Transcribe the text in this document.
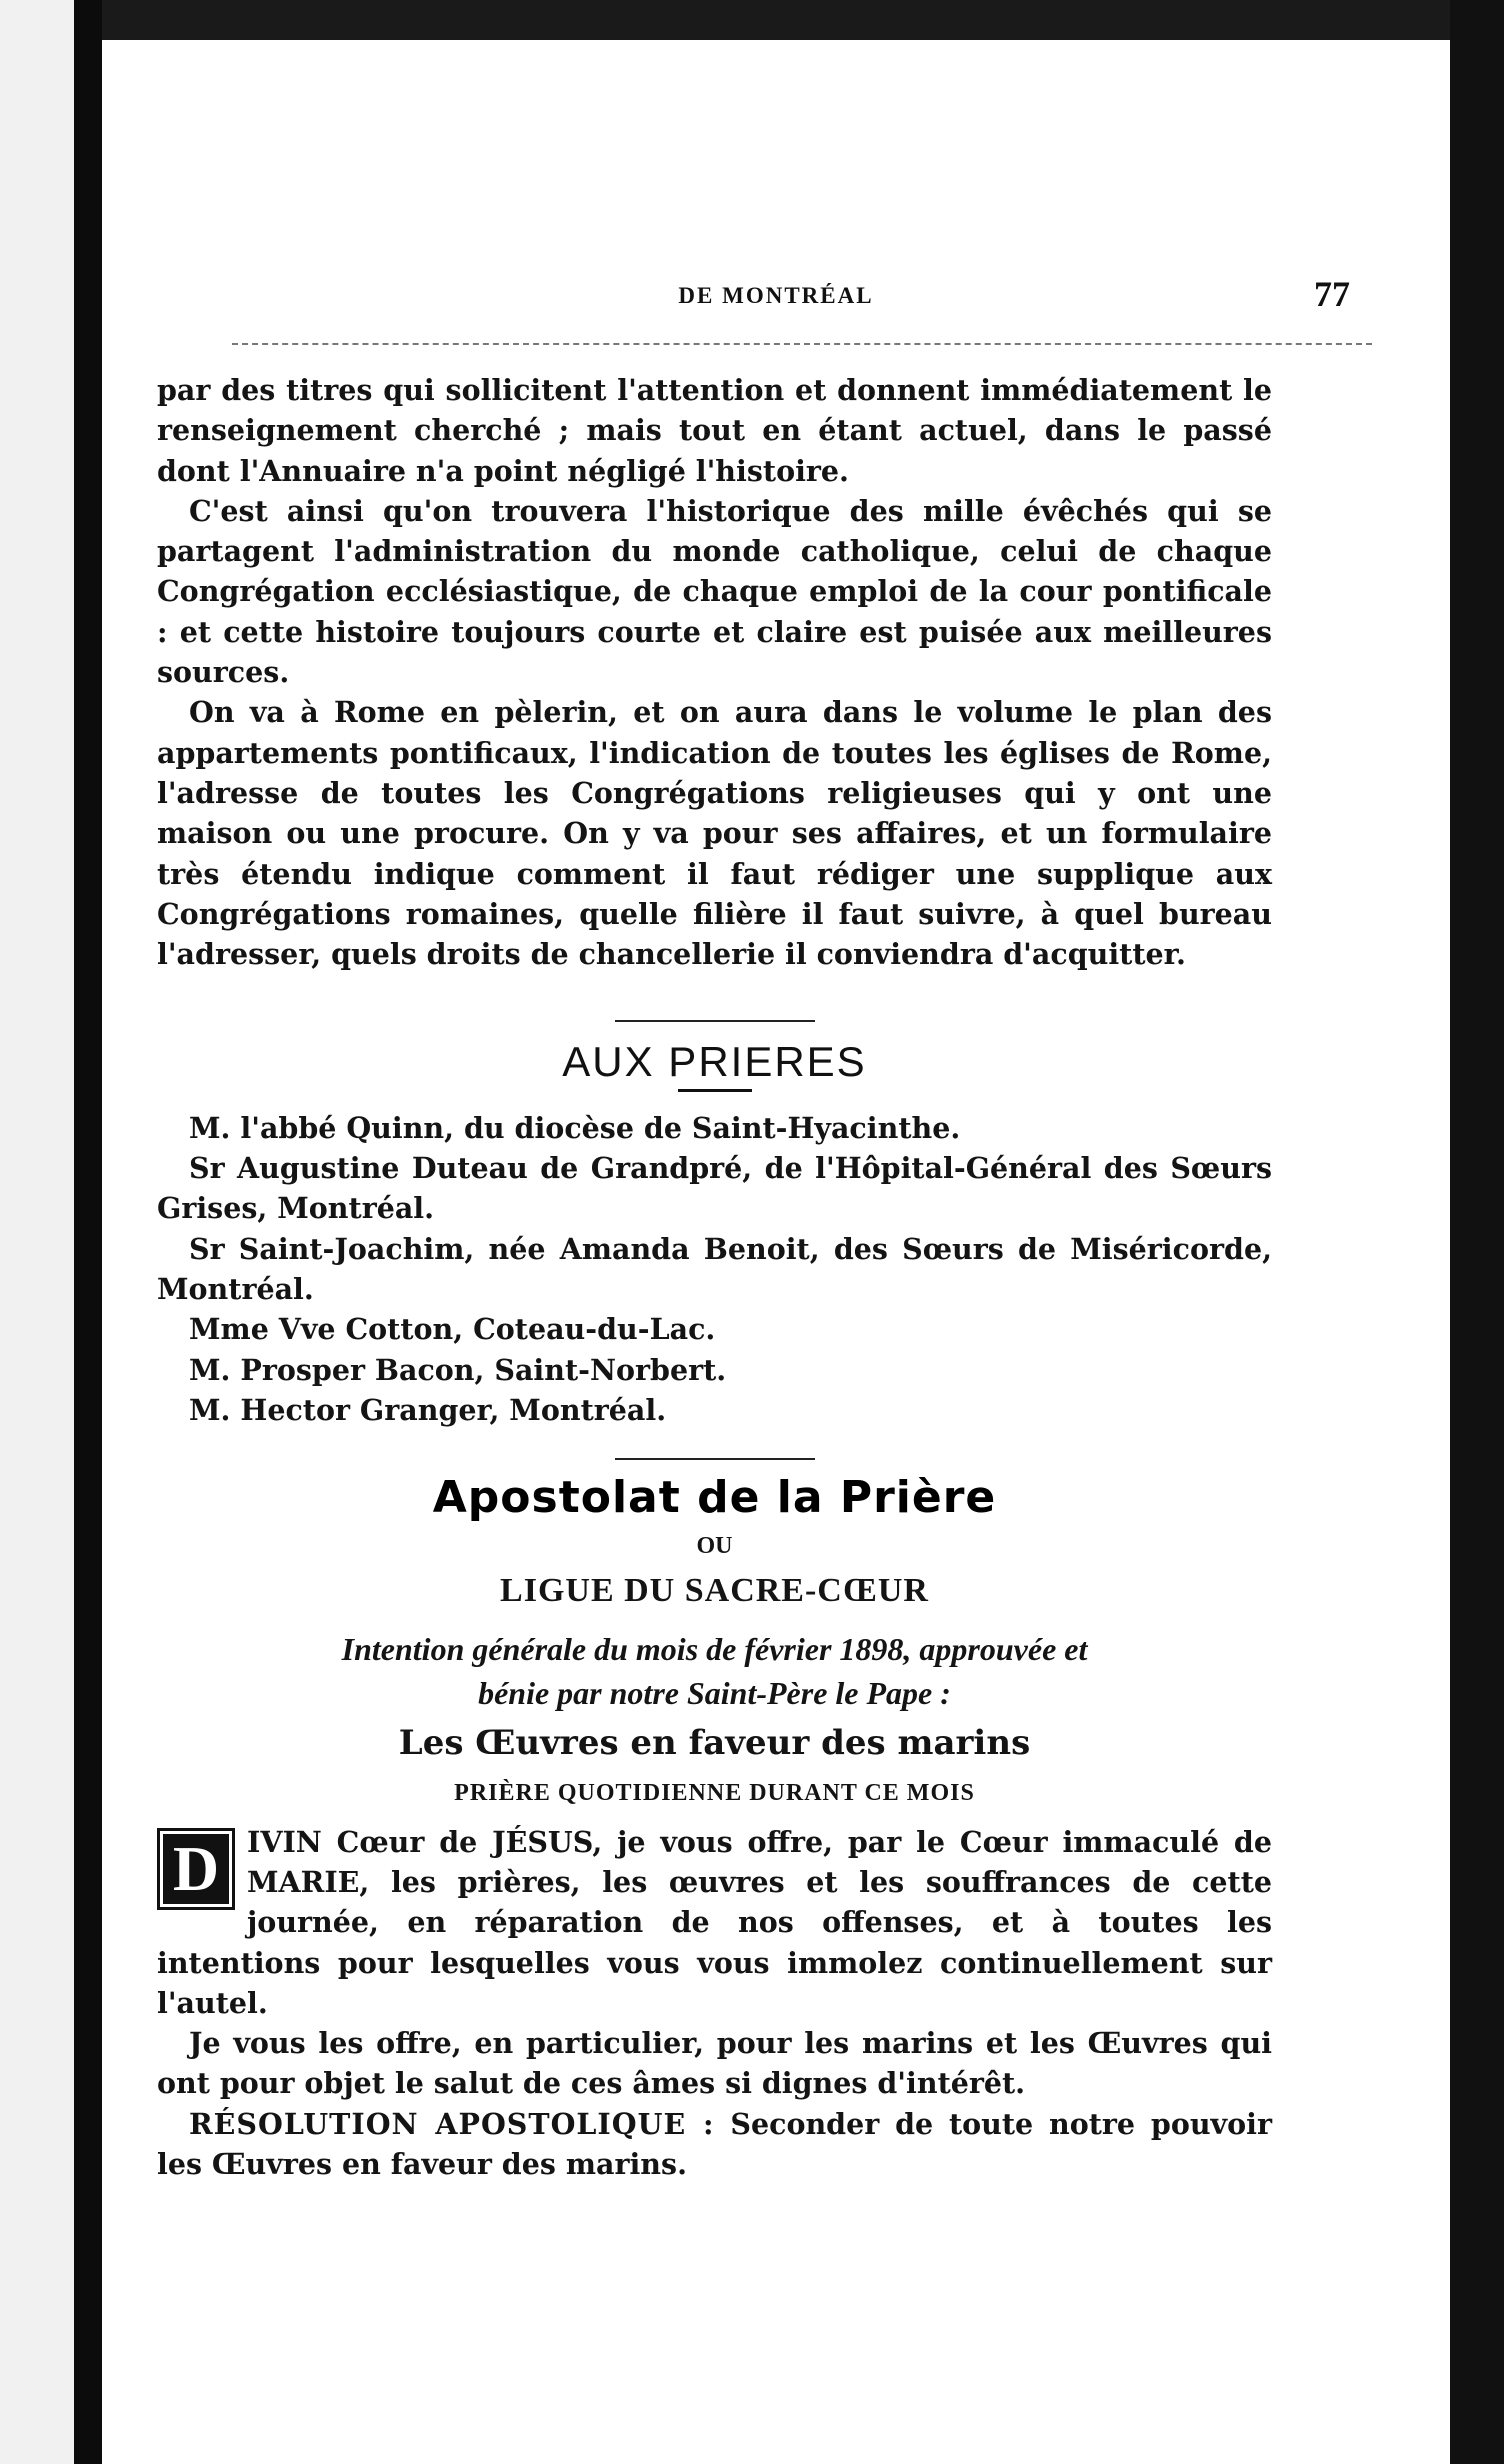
DE MONTRÉAL	77

par des titres qui sollicitent l'attention et donnent immédiatement le renseignement cherché ; mais tout en étant actuel, dans le passé dont l'Annuaire n'a point négligé l'histoire.

C'est ainsi qu'on trouvera l'historique des mille évêchés qui se partagent l'administration du monde catholique, celui de chaque Congrégation ecclésiastique, de chaque emploi de la cour pontificale : et cette histoire toujours courte et claire est puisée aux meilleures sources.

On va à Rome en pèlerin, et on aura dans le volume le plan des appartements pontificaux, l'indication de toutes les églises de Rome, l'adresse de toutes les Congrégations religieuses qui y ont une maison ou une procure. On y va pour ses affaires, et un formulaire très étendu indique comment il faut rédiger une supplique aux Congrégations romaines, quelle filière il faut suivre, à quel bureau l'adresser, quels droits de chancellerie il conviendra d'acquitter.

AUX PRIERES

M. l'abbé Quinn, du diocèse de Saint-Hyacinthe.

Sr Augustine Duteau de Grandpré, de l'Hôpital-Général des Sœurs Grises, Montréal.

Sr Saint-Joachim, née Amanda Benoit, des Sœurs de Miséricorde, Montréal.

Mme Vve Cotton, Coteau-du-Lac.

M. Prosper Bacon, Saint-Norbert.

M. Hector Granger, Montréal.

Apostolat de la Prière
OU
LIGUE DU SACRE-CŒUR
Intention générale du mois de février 1898, approuvée et
bénie par notre Saint-Père le Pape :
Les Œuvres en faveur des marins
PRIÈRE QUOTIDIENNE DURANT CE MOIS

D IVIN Cœur de JÉSUS, je vous offre, par le Cœur immaculé de MARIE, les prières, les œuvres et les souffrances de cette journée, en réparation de nos offenses, et à toutes les intentions pour lesquelles vous vous immolez continuellement sur l'autel.

Je vous les offre, en particulier, pour les marins et les Œuvres qui ont pour objet le salut de ces âmes si dignes d'intérêt.

RÉSOLUTION APOSTOLIQUE : Seconder de toute notre pouvoir les Œuvres en faveur des marins.
